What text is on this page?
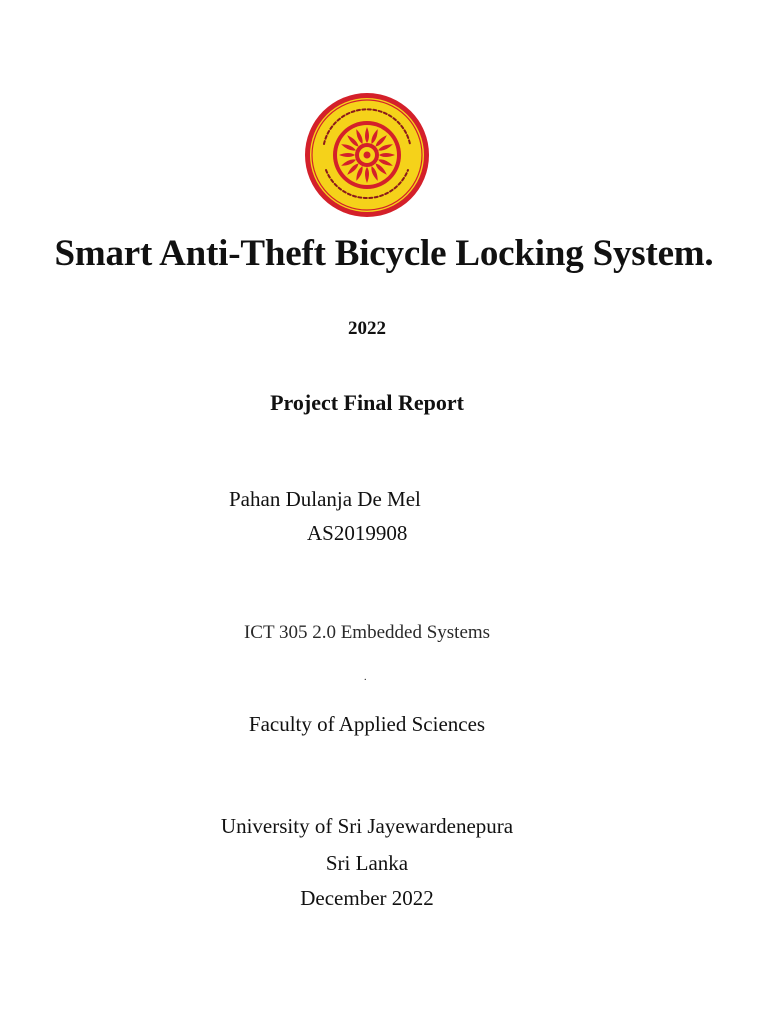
Smart Anti-Theft Bicycle Locking System.
2022
Project Final Report
Pahan Dulanja De Mel
AS2019908
ICT 305 2.0 Embedded Systems
.
Faculty of Applied Sciences
University of Sri Jayewardenepura
Sri Lanka
December 2022
